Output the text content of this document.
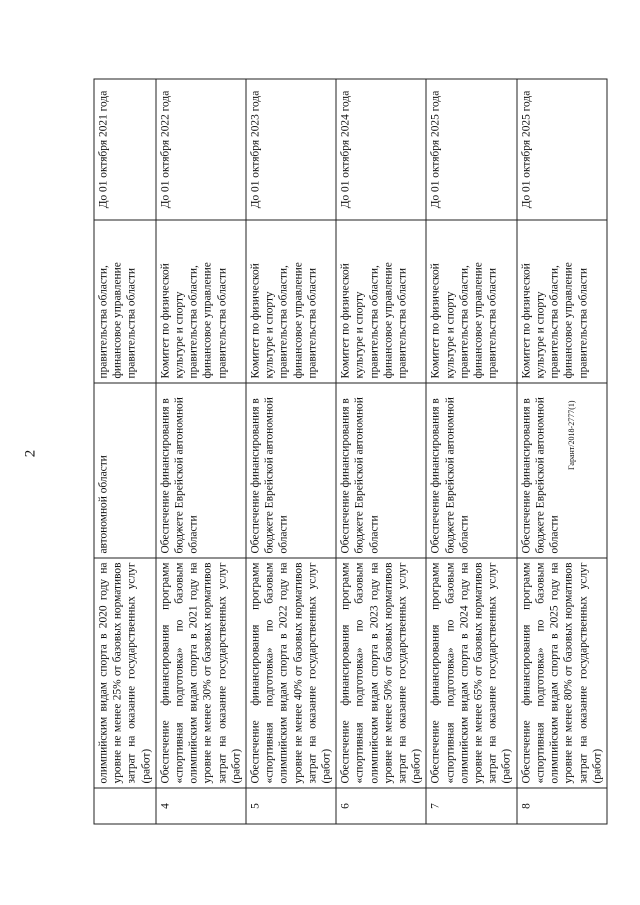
2
	олимпийским видам спорта в 2020 году на уровне не менее 25% от базовых нормативов затрат на оказание государственных услуг (работ)	автономной области	правительства области, финансовое управление правительства области	До 01 октября 2021 года
4	Обеспечение финансирования программ «спортивная подготовка» по базовым олимпийским видам спорта в 2021 году на уровне не менее 30% от базовых нормативов затрат на оказание государственных услуг (работ)	Обеспечение финансирования в бюджете Еврейской автономной области	Комитет по физической культуре и спорту правительства области, финансовое управление правительства области	До 01 октября 2022 года
5	Обеспечение финансирования программ «спортивная подготовка» по базовым олимпийским видам спорта в 2022 году на уровне не менее 40% от базовых нормативов затрат на оказание государственных услуг (работ)	Обеспечение финансирования в бюджете Еврейской автономной области	Комитет по физической культуре и спорту правительства области, финансовое управление правительства области	До 01 октября 2023 года
6	Обеспечение финансирования программ «спортивная подготовка» по базовым олимпийским видам спорта в 2023 году на уровне не менее 50% от базовых нормативов затрат на оказание государственных услуг (работ)	Обеспечение финансирования в бюджете Еврейской автономной области	Комитет по физической культуре и спорту правительства области, финансовое управление правительства области	До 01 октября 2024 года
7	Обеспечение финансирования программ «спортивная подготовка» по базовым олимпийским видам спорта в 2024 году на уровне не менее 65% от базовых нормативов затрат на оказание государственных услуг (работ)	Обеспечение финансирования в бюджете Еврейской автономной области	Комитет по физической культуре и спорту правительства области, финансовое управление правительства области	До 01 октября 2025 года
8	Обеспечение финансирования программ «спортивная подготовка» по базовым олимпийским видам спорта в 2025 году на уровне не менее 80% от базовых нормативов затрат на оказание государственных услуг (работ)	Обеспечение финансирования в бюджете Еврейской автономной области	Комитет по физической культуре и спорту правительства области, финансовое управление правительства области	До 01 октября 2025 года
Гарант/2018-2777(1)
